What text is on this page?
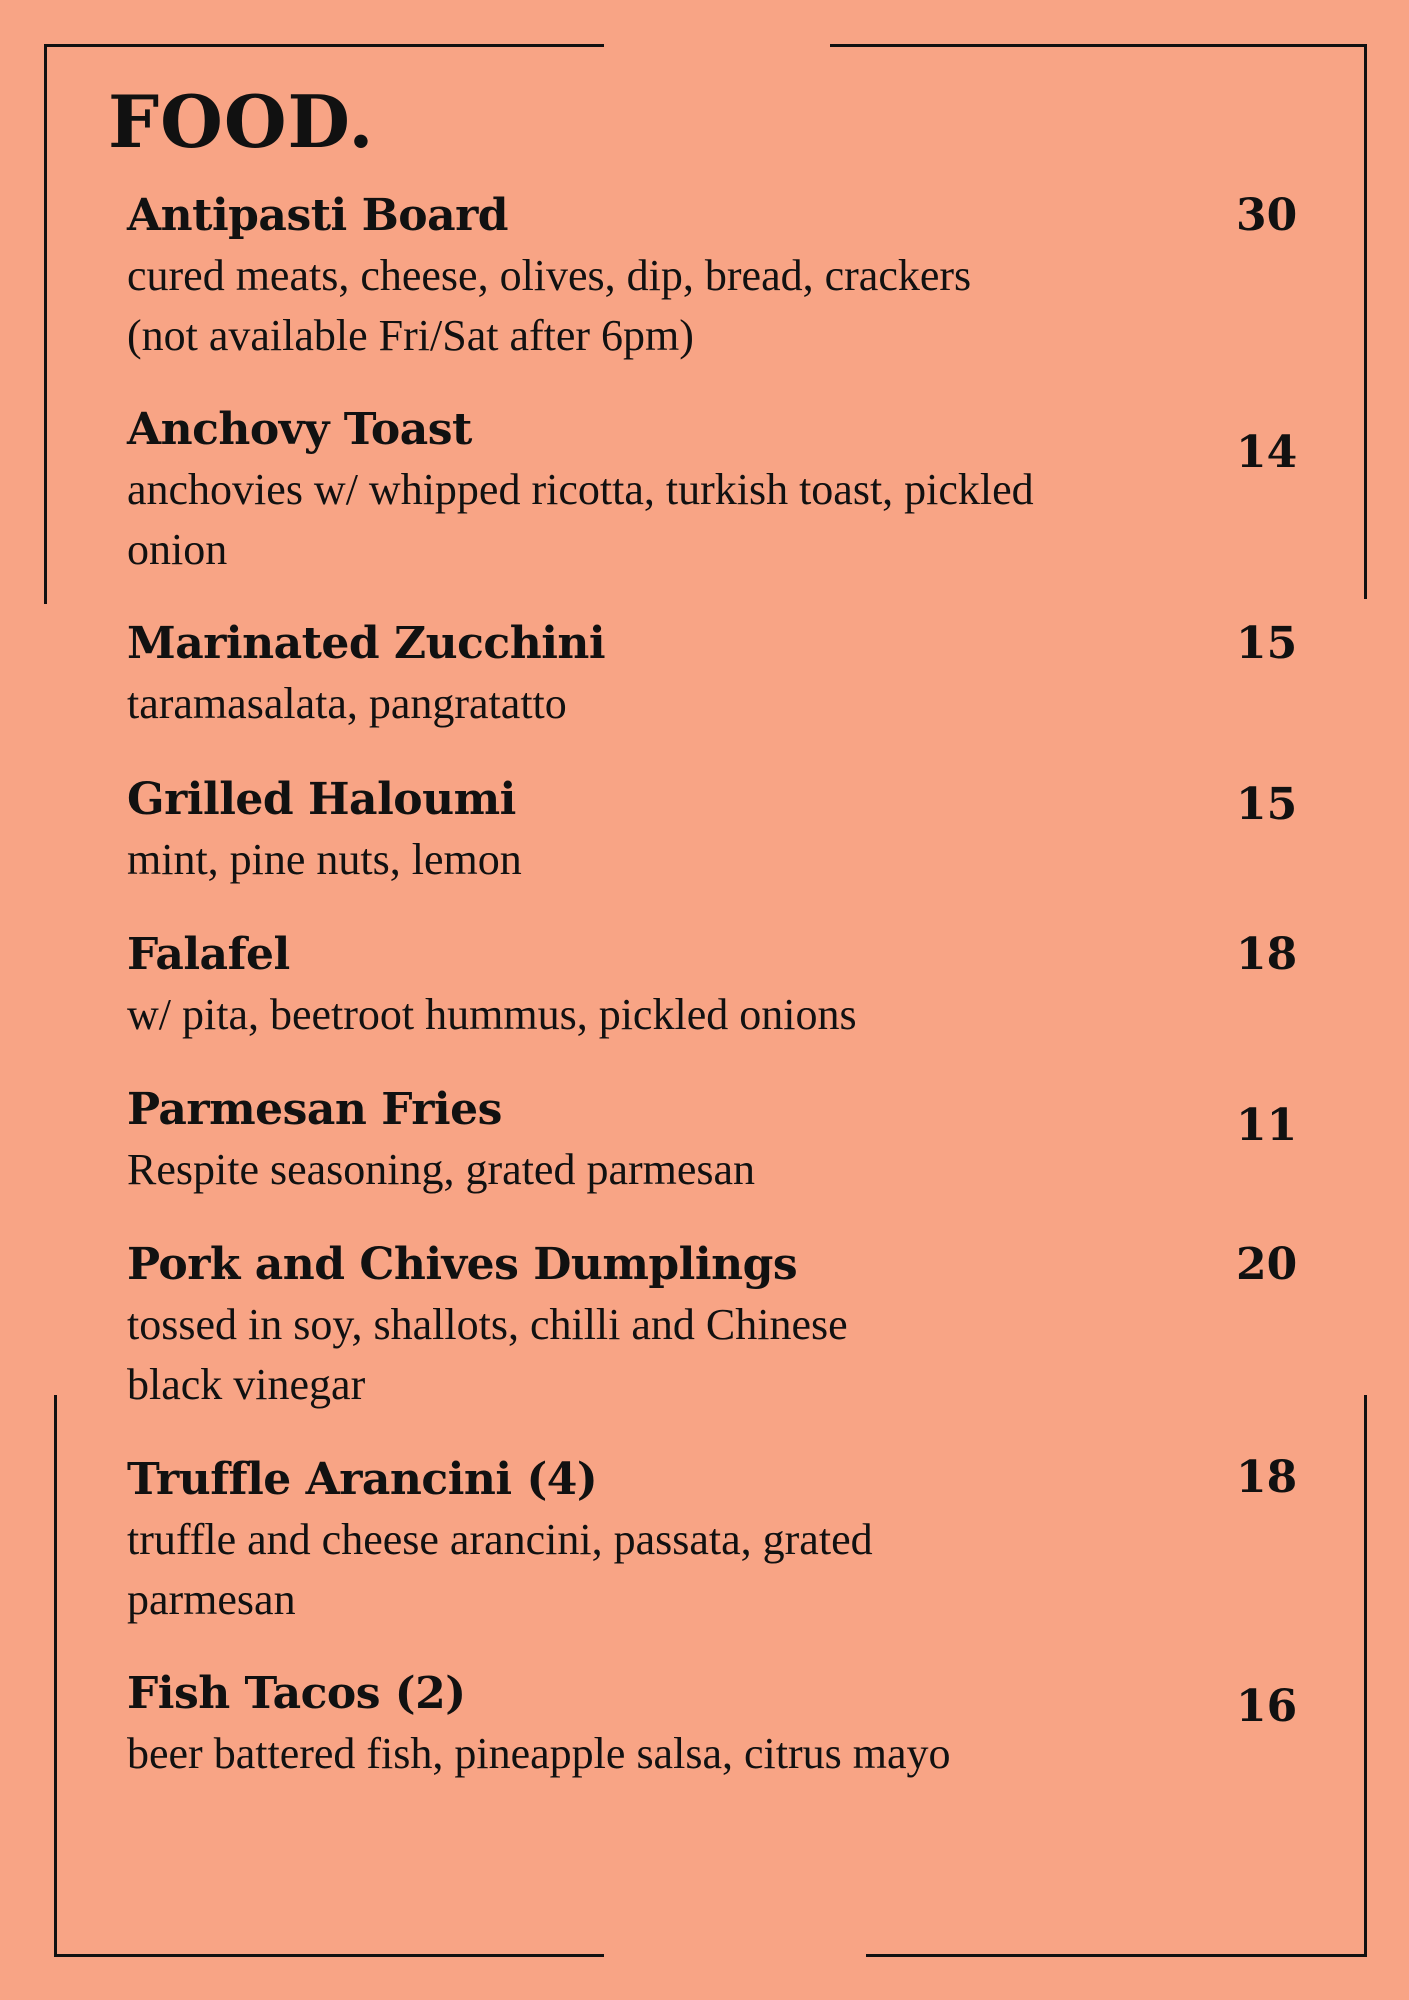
FOOD.

Antipasti Board

cured meats, cheese, olives, dip, bread, crackers

(not available Fri/Sat after 6pm)

30

Anchovy Toast

anchovies w/ whipped ricotta, turkish toast, pickled

onion

14

Marinated Zucchini

taramasalata, pangratatto

15

Grilled Haloumi

mint, pine nuts, lemon

15

Falafel

w/ pita, beetroot hummus, pickled onions

18

Parmesan Fries

Respite seasoning, grated parmesan

11

Pork and Chives Dumplings

tossed in soy, shallots, chilli and Chinese

black vinegar

20

Truffle Arancini (4)

truffle and cheese arancini, passata, grated

parmesan

18

Fish Tacos (2)

beer battered fish, pineapple salsa, citrus mayo

16
